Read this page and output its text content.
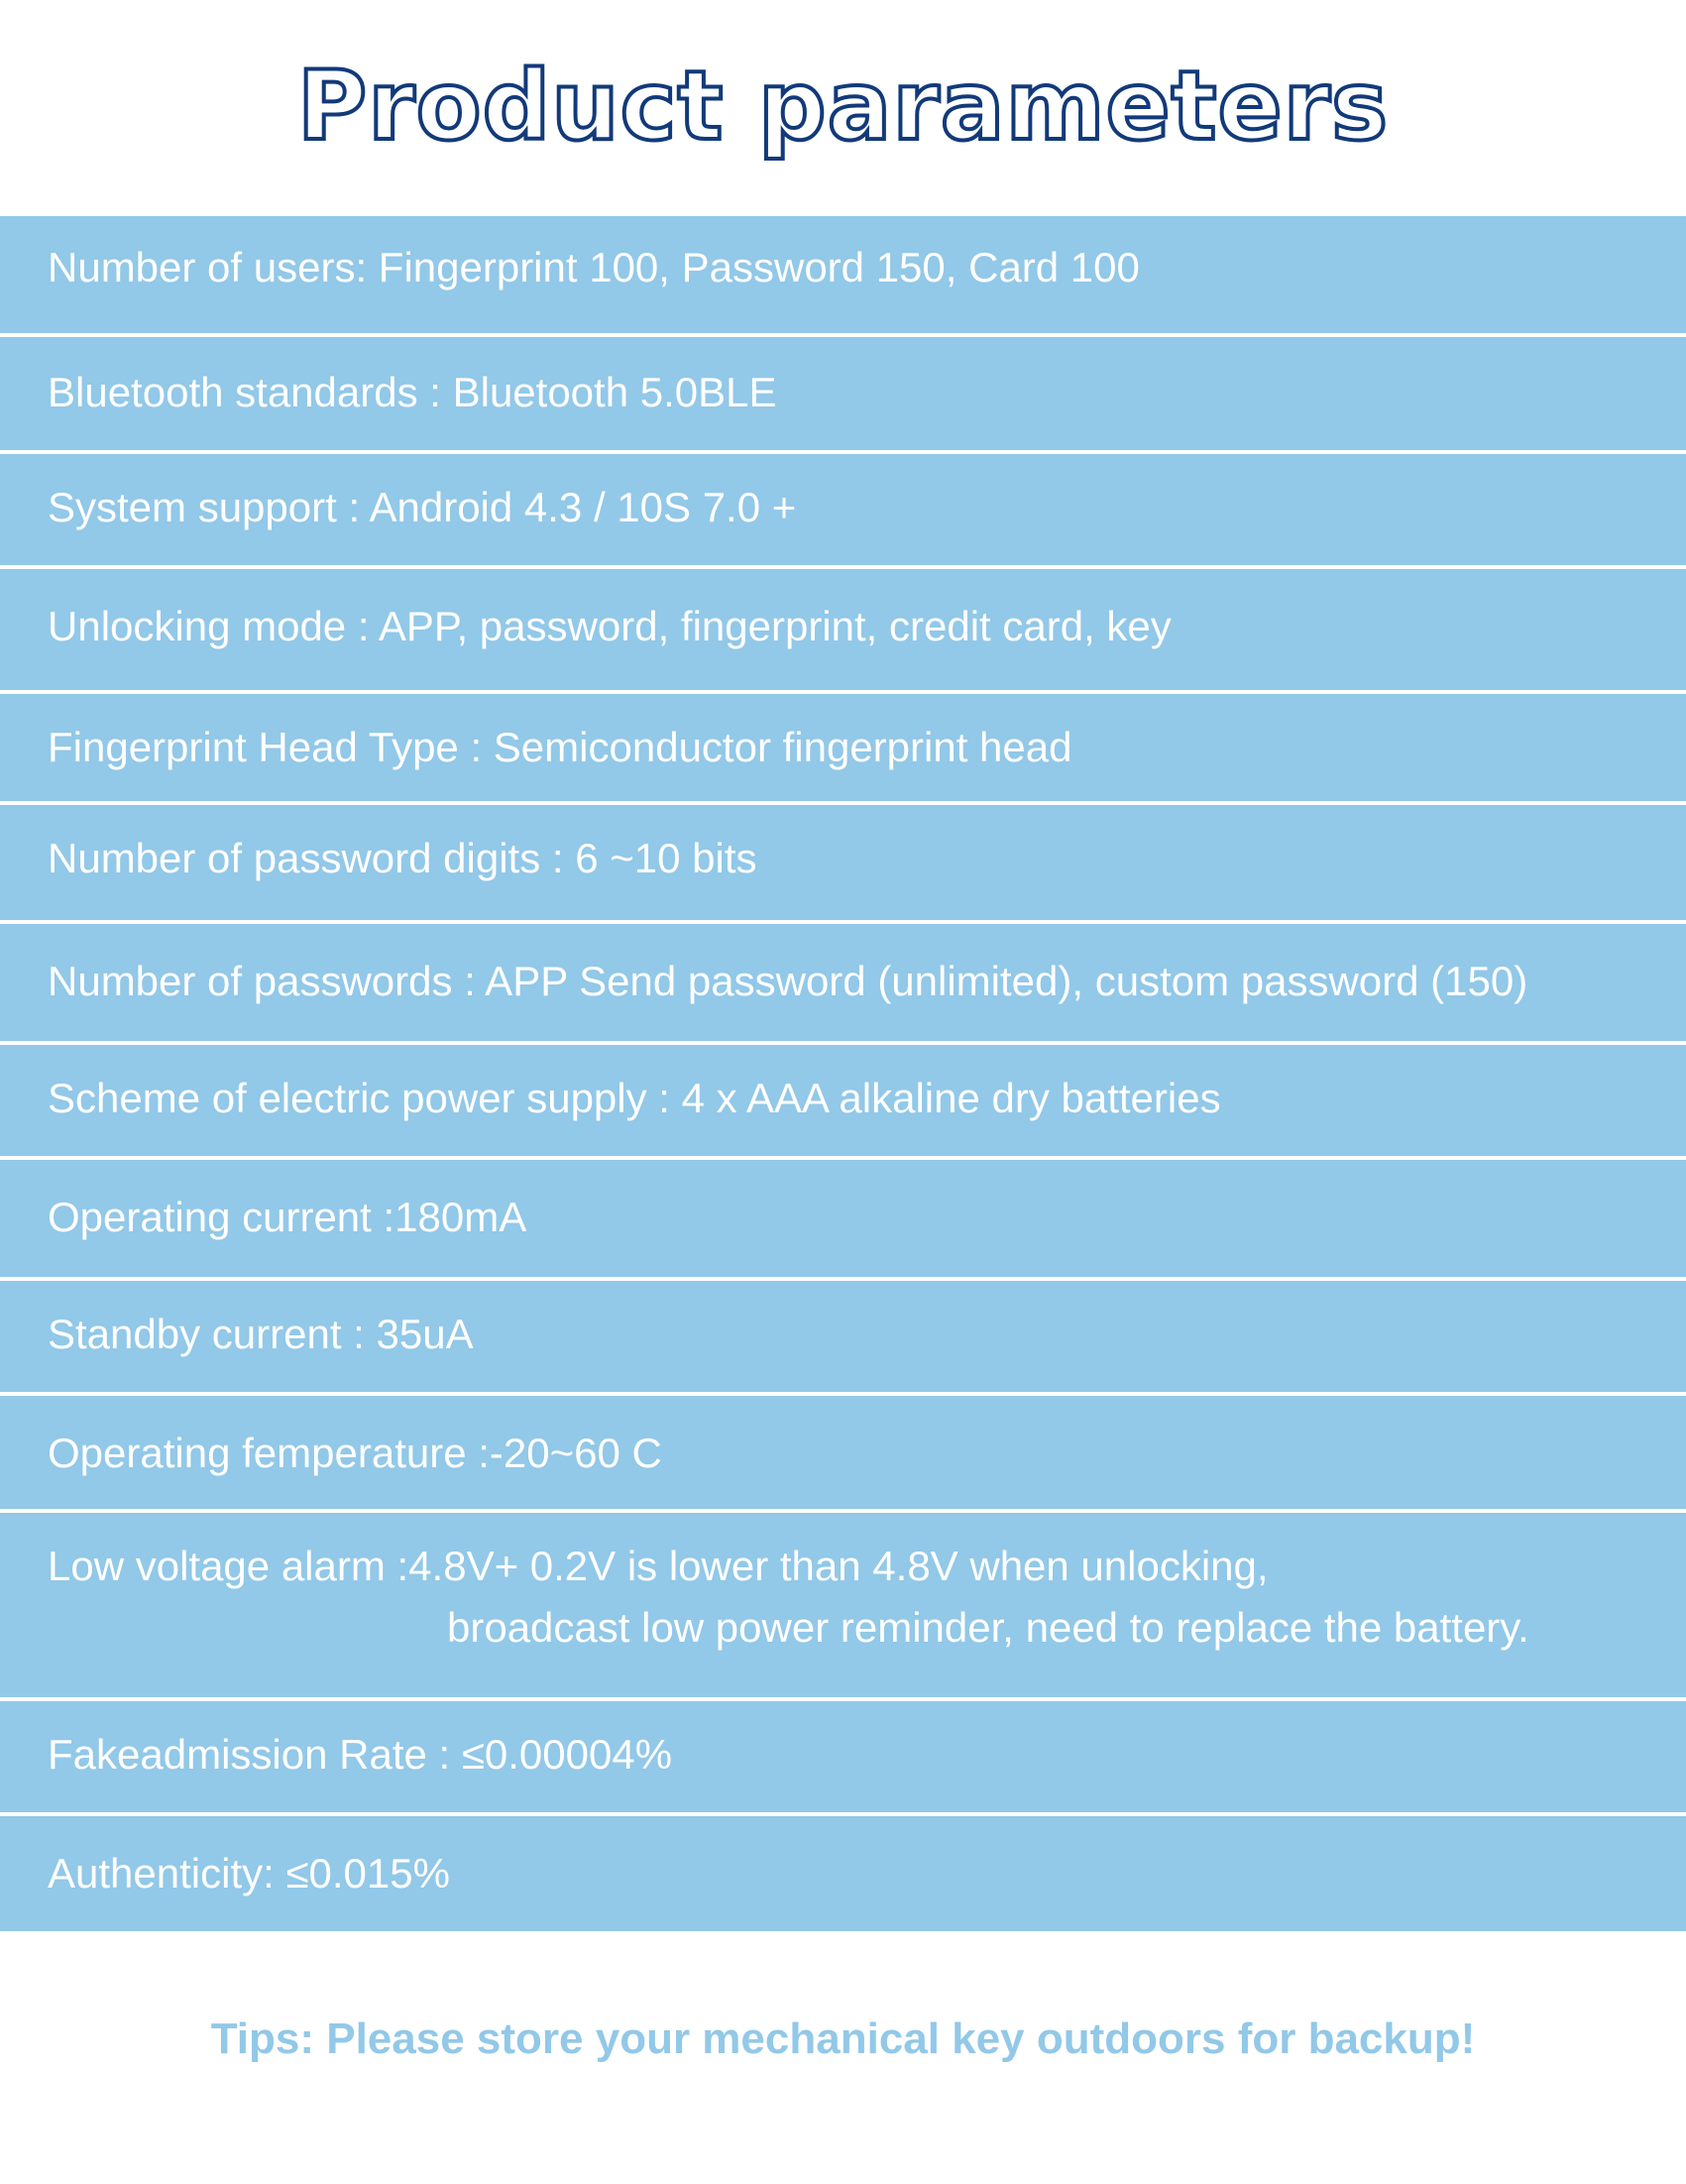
Product parameters
Number of users: Fingerprint 100, Password 150, Card 100
Bluetooth standards : Bluetooth 5.0BLE
System support : Android 4.3 / 10S 7.0 +
Unlocking mode : APP, password, fingerprint, credit card, key
Fingerprint Head Type : Semiconductor fingerprint head
Number of password digits : 6 ~10 bits
Number of passwords : APP Send password (unlimited), custom password (150)
Scheme of electric power supply : 4 x AAA alkaline dry batteries
Operating current :180mA
Standby current : 35uA
Operating femperature :-20~60 C
Low voltage alarm :4.8V+ 0.2V is lower than 4.8V when unlocking,
broadcast low power reminder, need to replace the battery.
Fakeadmission Rate : ≤0.00004%
Authenticity: ≤0.015%
Tips: Please store your mechanical key outdoors for backup!
